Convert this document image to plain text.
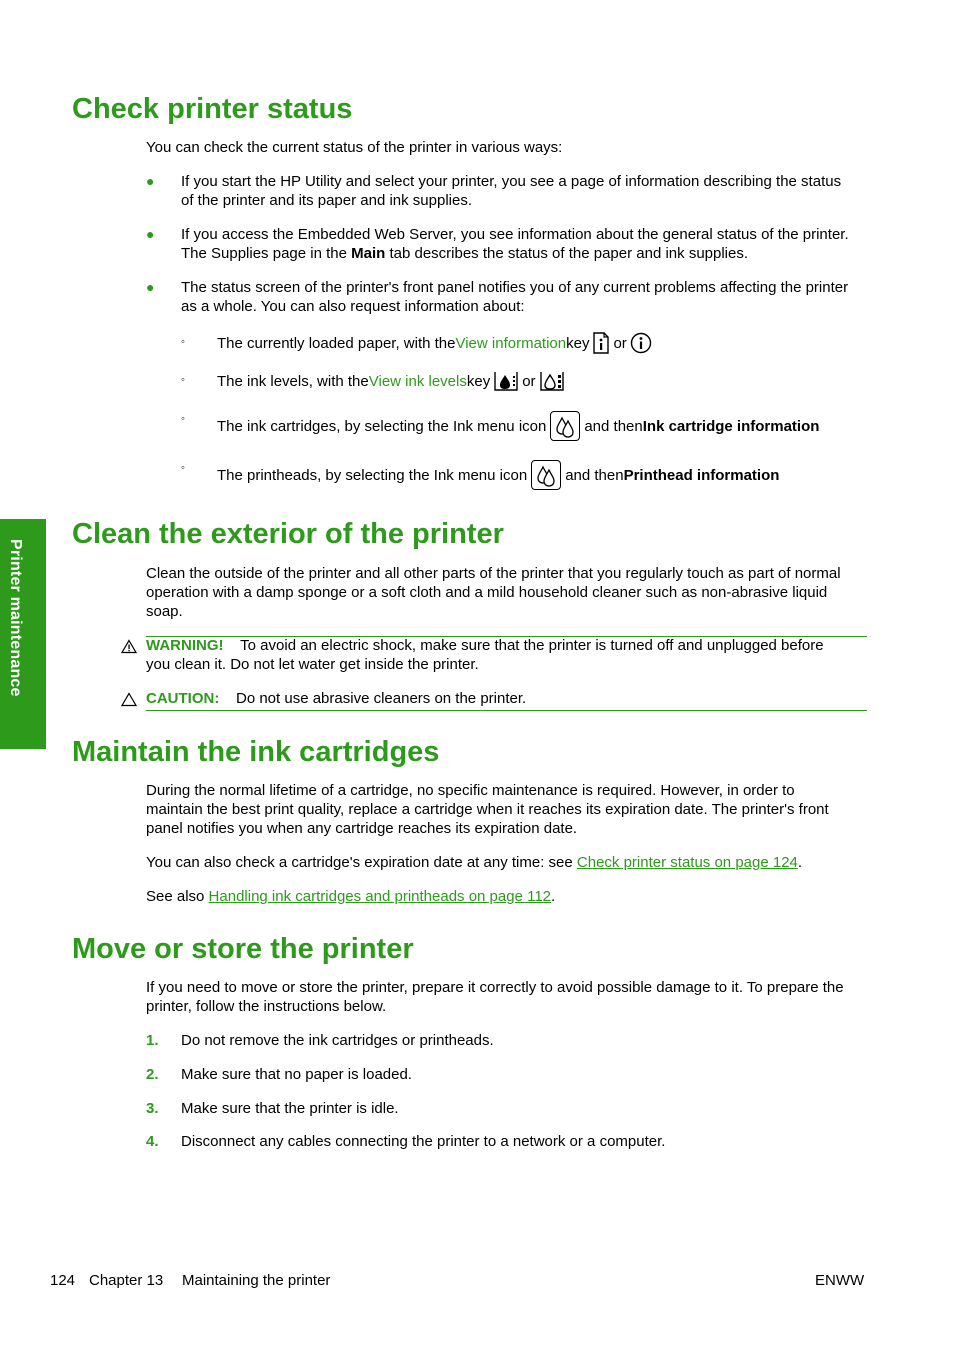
Printer maintenance
Check printer status

You can check the current status of the printer in various ways:

● If you start the HP Utility and select your printer, you see a page of information describing the status of the printer and its paper and ink supplies.

● If you access the Embedded Web Server, you see information about the general status of the printer. The Supplies page in the Main tab describes the status of the paper and ink supplies.

● The status screen of the printer's front panel notifies you of any current problems affecting the printer as a whole. You can also request information about:

◦ The currently loaded paper, with the View information key or
◦ The ink levels, with the View ink levels key or
◦ The ink cartridges, by selecting the Ink menu icon	and then Ink cartridge information
◦ The printheads, by selecting the Ink menu icon	and then Printhead information
Clean the exterior of the printer

Clean the outside of the printer and all other parts of the printer that you regularly touch as part of normal operation with a damp sponge or a soft cloth and a mild household cleaner such as non-abrasive liquid soap.

WARNING! To avoid an electric shock, make sure that the printer is turned off and unplugged before you clean it. Do not let water get inside the printer.

CAUTION: Do not use abrasive cleaners on the printer.

Maintain the ink cartridges

During the normal lifetime of a cartridge, no specific maintenance is required. However, in order to maintain the best print quality, replace a cartridge when it reaches its expiration date. The printer's front panel notifies you when any cartridge reaches its expiration date.

You can also check a cartridge's expiration date at any time: see Check printer status on page 124.

See also Handling ink cartridges and printheads on page 112.

Move or store the printer

If you need to move or store the printer, prepare it correctly to avoid possible damage to it. To prepare the printer, follow the instructions below.

1. Do not remove the ink cartridges or printheads.

2. Make sure that no paper is loaded.

3. Make sure that the printer is idle.

4. Disconnect any cables connecting the printer to a network or a computer.

124 Chapter 13 Maintaining the printer	ENWW
